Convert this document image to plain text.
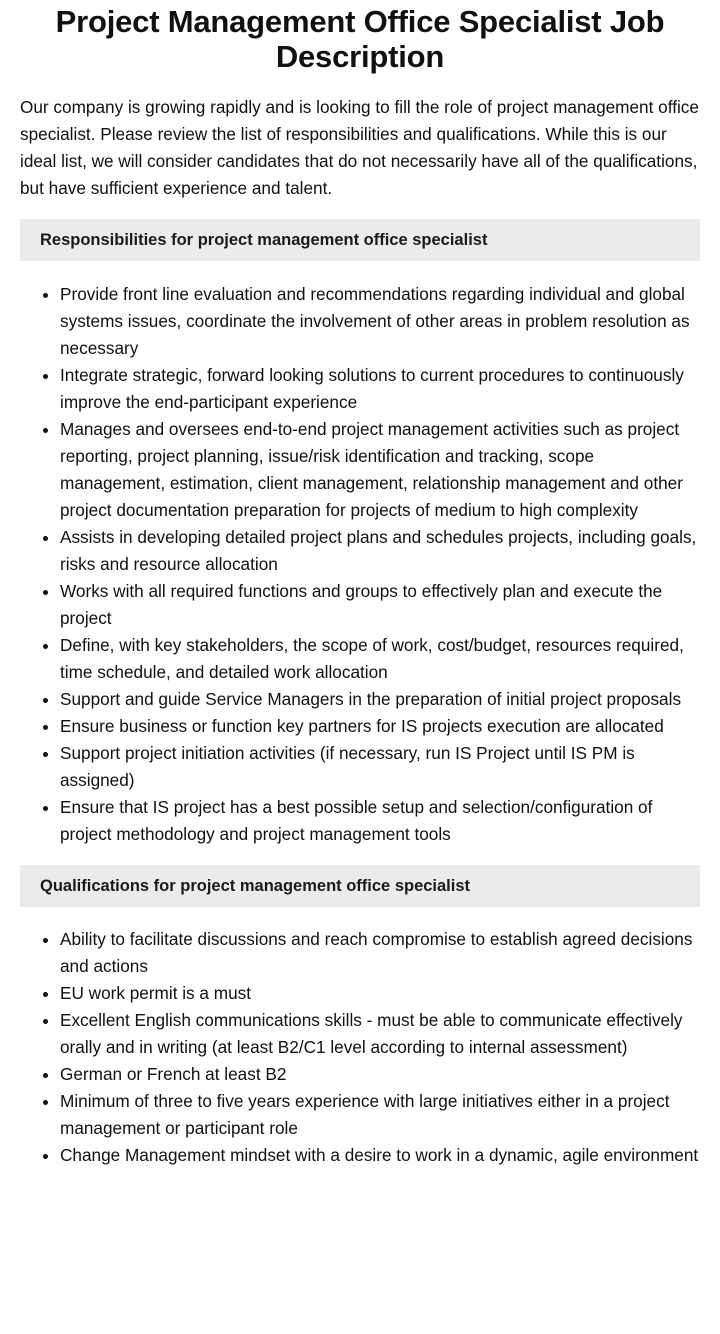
Project Management Office Specialist Job Description

Our company is growing rapidly and is looking to fill the role of project management office specialist. Please review the list of responsibilities and qualifications. While this is our ideal list, we will consider candidates that do not necessarily have all of the qualifications, but have sufficient experience and talent.

Responsibilities for project management office specialist
• Provide front line evaluation and recommendations regarding individual and global systems issues, coordinate the involvement of other areas in problem resolution as necessary
• Integrate strategic, forward looking solutions to current procedures to continuously improve the end-participant experience
• Manages and oversees end-to-end project management activities such as project reporting, project planning, issue/risk identification and tracking, scope management, estimation, client management, relationship management and other project documentation preparation for projects of medium to high complexity
• Assists in developing detailed project plans and schedules projects, including goals, risks and resource allocation
• Works with all required functions and groups to effectively plan and execute the project
• Define, with key stakeholders, the scope of work, cost/budget, resources required, time schedule, and detailed work allocation
• Support and guide Service Managers in the preparation of initial project proposals
• Ensure business or function key partners for IS projects execution are allocated
• Support project initiation activities (if necessary, run IS Project until IS PM is assigned)
• Ensure that IS project has a best possible setup and selection/configuration of project methodology and project management tools
Qualifications for project management office specialist
• Ability to facilitate discussions and reach compromise to establish agreed decisions and actions
• EU work permit is a must
• Excellent English communications skills - must be able to communicate effectively orally and in writing (at least B2/C1 level according to internal assessment)
• German or French at least B2
• Minimum of three to five years experience with large initiatives either in a project management or participant role
• Change Management mindset with a desire to work in a dynamic, agile environment
